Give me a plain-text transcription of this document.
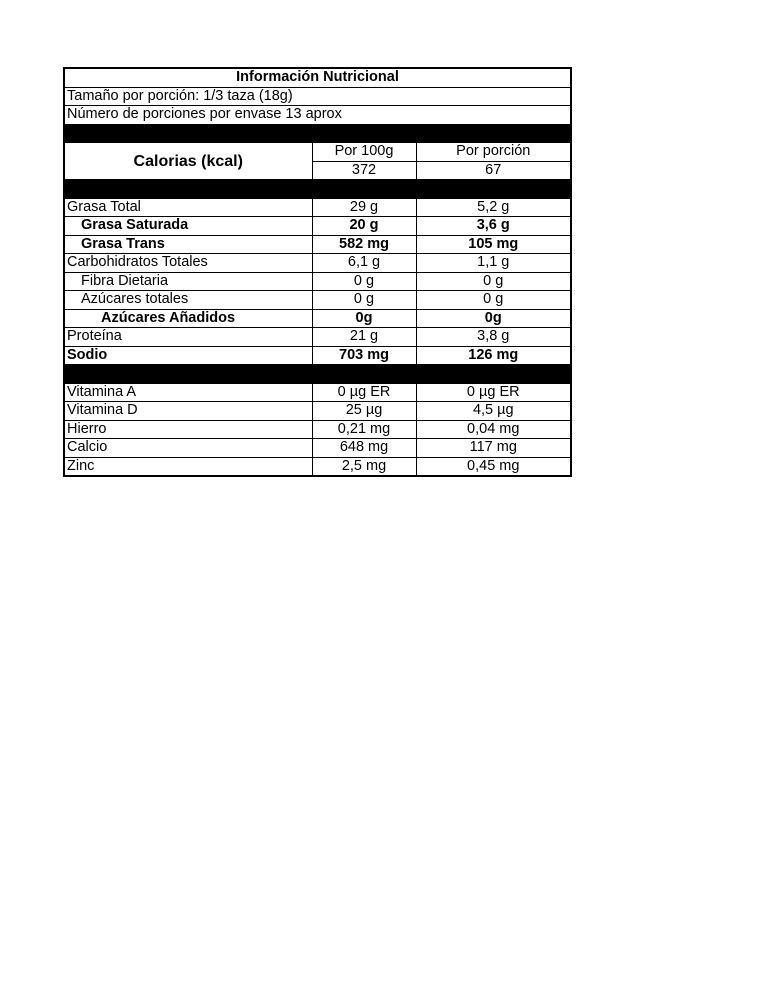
Información Nutricional		
Tamaño por porción: 1/3 taza (18g)		
Número de porciones por envase 13 aprox		

Calorias (kcal)	Por 100g	Por porción
	372	67

Grasa Total	29 g	5,2 g
Grasa Saturada	20 g	3,6 g
Grasa Trans	582 mg	105 mg
Carbohidratos Totales	6,1 g	1,1 g
Fibra Dietaria	0 g	0 g
Azúcares totales	0 g	0 g
Azúcares Añadidos	0g	0g
Proteína	21 g	3,8 g
Sodio	703 mg	126 mg

Vitamina A	0 µg ER	0 µg ER
Vitamina D	25 µg	4,5 µg
Hierro	0,21 mg	0,04 mg
Calcio	648 mg	117 mg
Zinc	2,5 mg	0,45 mg
